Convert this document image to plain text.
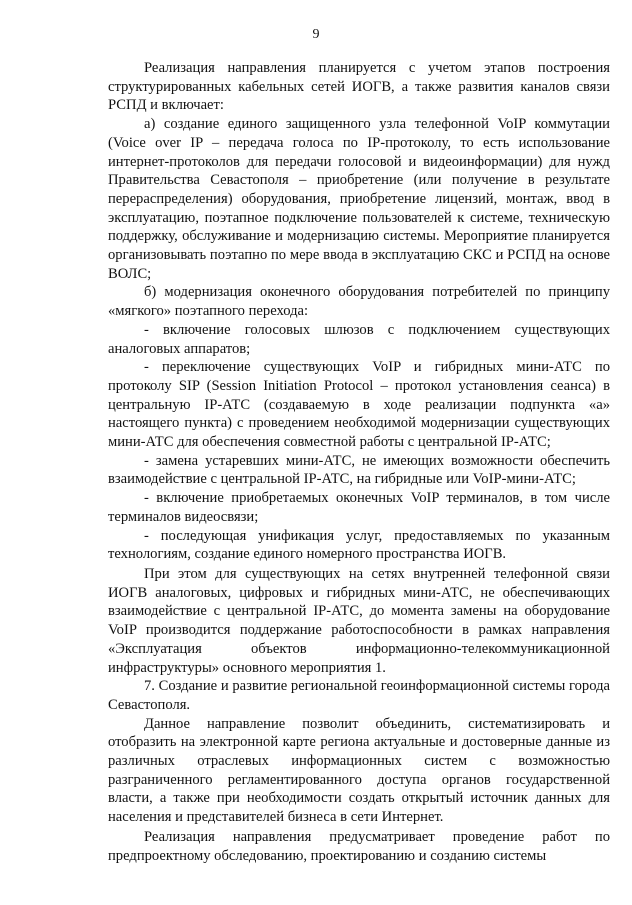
9

Реализация направления планируется с учетом этапов построения структурированных кабельных сетей ИОГВ, а также развития каналов связи РСПД и включает:

а) создание единого защищенного узла телефонной VoIP коммутации (Voice over IP – передача голоса по IP-протоколу, то есть использование интернет-протоколов для передачи голосовой и видеоинформации) для нужд Правительства Севастополя – приобретение (или получение в результате перераспределения) оборудования, приобретение лицензий, монтаж, ввод в эксплуатацию, поэтапное подключение пользователей к системе, техническую поддержку, обслуживание и модернизацию системы. Мероприятие планируется организовывать поэтапно по мере ввода в эксплуатацию СКС и РСПД на основе ВОЛС;

б) модернизация оконечного оборудования потребителей по принципу «мягкого» поэтапного перехода:

- включение голосовых шлюзов с подключением существующих аналоговых аппаратов;

- переключение существующих VoIP и гибридных мини-АТС по протоколу SIP (Session Initiation Protocol – протокол установления сеанса) в центральную IP-АТС (создаваемую в ходе реализации подпункта «а» настоящего пункта) с проведением необходимой модернизации существующих мини-АТС для обеспечения совместной работы с центральной IP-АТС;

- замена устаревших мини-АТС, не имеющих возможности обеспечить взаимодействие с центральной IP-АТС, на гибридные или VoIP-мини-АТС;

- включение приобретаемых оконечных VoIP терминалов, в том числе терминалов видеосвязи;

- последующая унификация услуг, предоставляемых по указанным технологиям, создание единого номерного пространства ИОГВ.

При этом для существующих на сетях внутренней телефонной связи ИОГВ аналоговых, цифровых и гибридных мини-АТС, не обеспечивающих взаимодействие с центральной IP-АТС, до момента замены на оборудование VoIP производится поддержание работоспособности в рамках направления «Эксплуатация объектов информационно-телекоммуникационной инфраструктуры» основного мероприятия 1.

7. Создание и развитие региональной геоинформационной системы города Севастополя.

Данное направление позволит объединить, систематизировать и отобразить на электронной карте региона актуальные и достоверные данные из различных отраслевых информационных систем с возможностью разграниченного регламентированного доступа органов государственной власти, а также при необходимости создать открытый источник данных для населения и представителей бизнеса в сети Интернет.

Реализация направления предусматривает проведение работ по предпроектному обследованию, проектированию и созданию системы
